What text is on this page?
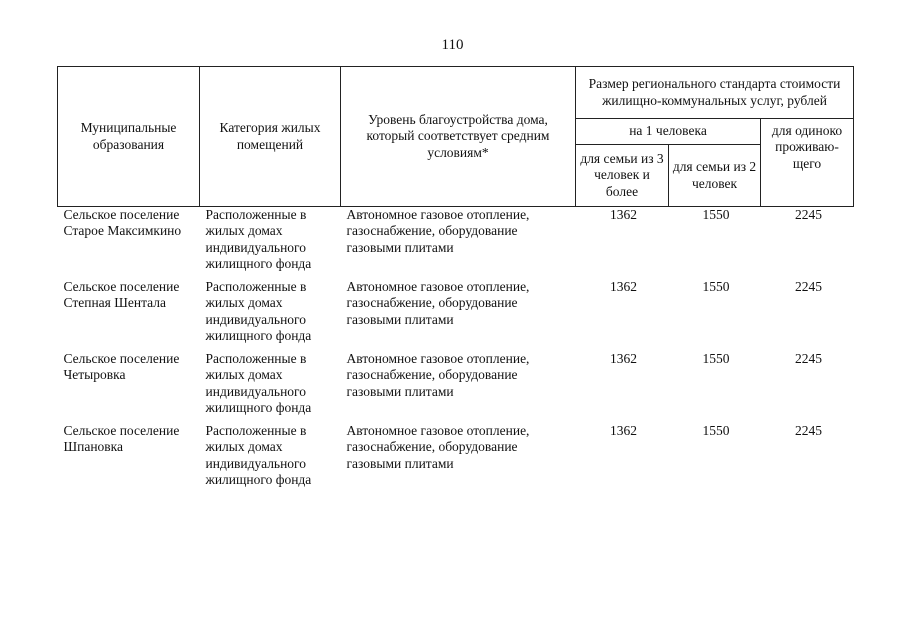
110
Муниципальные образования	Категория жилых помещений	Уровень благоустройства дома, который соответствует средним условиям*	Размер регионального стандарта стоимости жилищно-коммунальных услуг, рублей		
			на 1 человека		для одиноко проживаю-щего
			для семьи из 3 человек и более	для семьи из 2 человек	
Сельское поселение Старое Максимкино	Расположенные в жилых домах индивидуального жилищного фонда	Автономное газовое отопление, газоснабжение, оборудование газовыми плитами	1362	1550	2245
Сельское поселение Степная Шентала	Расположенные в жилых домах индивидуального жилищного фонда	Автономное газовое отопление, газоснабжение, оборудование газовыми плитами	1362	1550	2245
Сельское поселение Четыровка	Расположенные в жилых домах индивидуального жилищного фонда	Автономное газовое отопление, газоснабжение, оборудование газовыми плитами	1362	1550	2245
Сельское поселение Шпановка	Расположенные в жилых домах индивидуального жилищного фонда	Автономное газовое отопление, газоснабжение, оборудование газовыми плитами	1362	1550	2245
